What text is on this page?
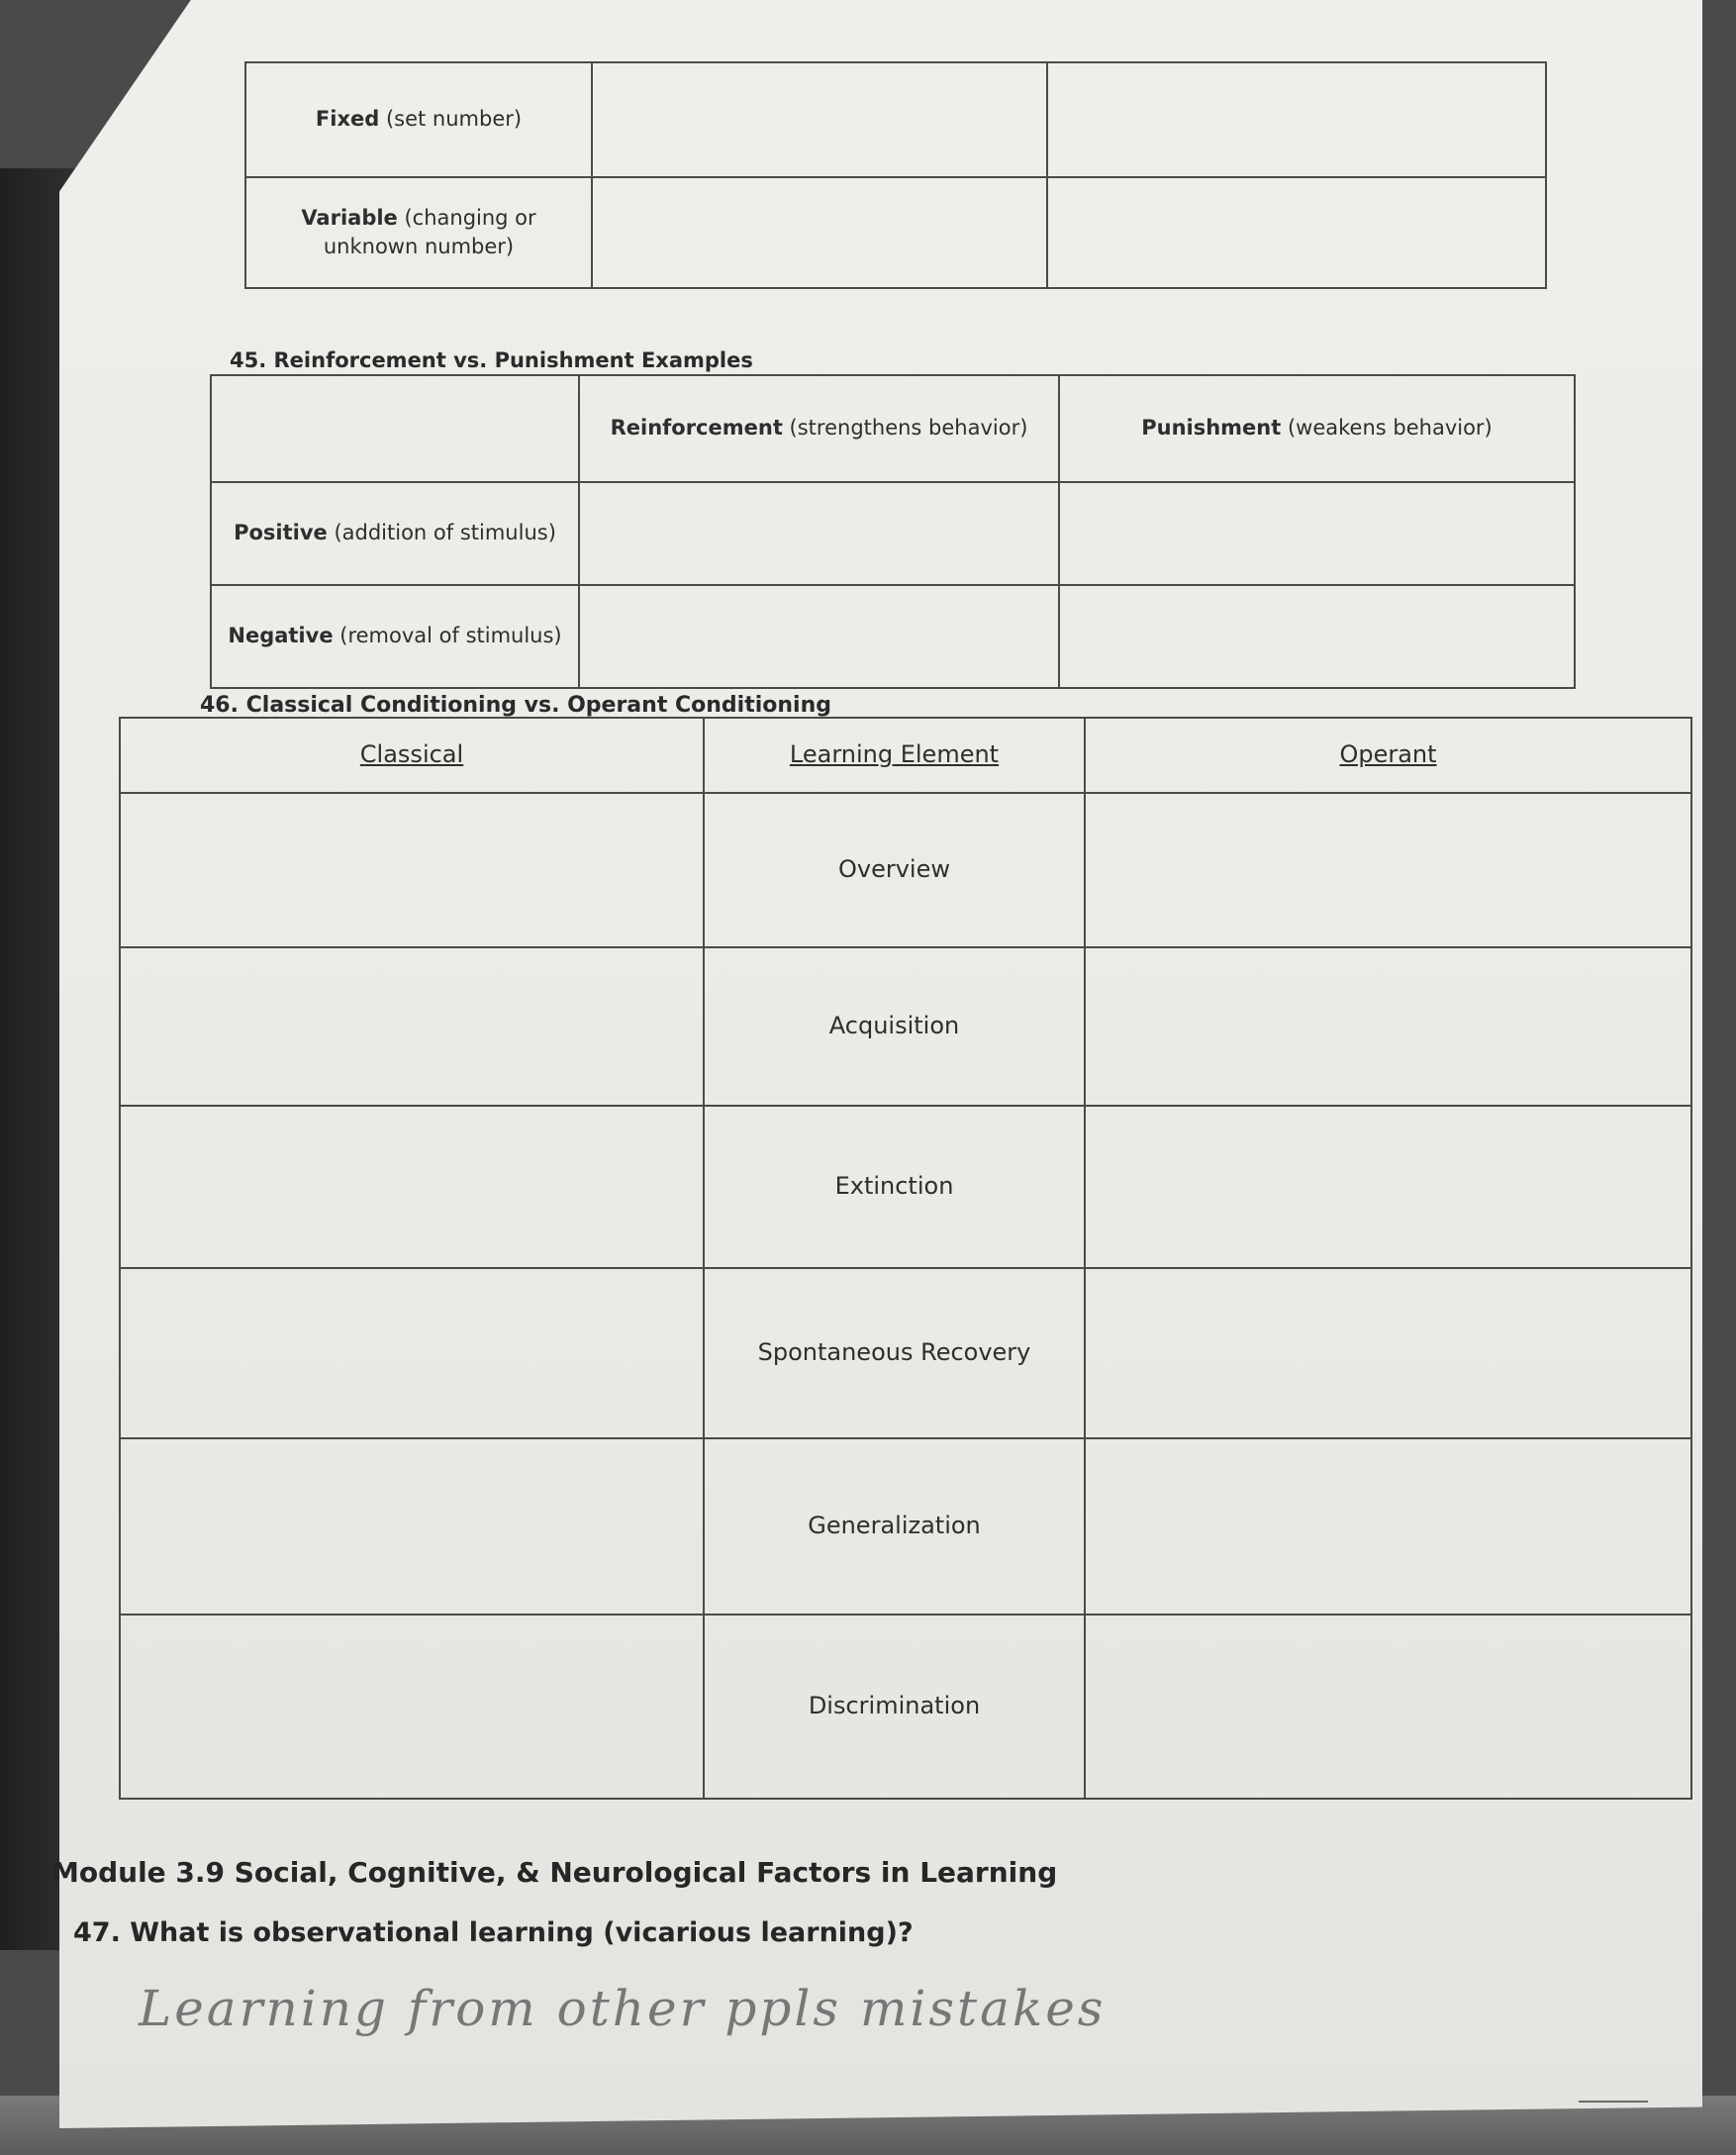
Fixed (set number)		
Variable (changing or unknown number)		
45. Reinforcement vs. Punishment Examples
	Reinforcement (strengthens behavior)	Punishment (weakens behavior)
Positive (addition of stimulus)		
Negative (removal of stimulus)		
46. Classical Conditioning vs. Operant Conditioning
Classical	Learning Element	Operant
	Overview	
	Acquisition	
	Extinction	
	Spontaneous Recovery	
	Generalization	
	Discrimination	
Module 3.9 Social, Cognitive, & Neurological Factors in Learning
47. What is observational learning (vicarious learning)?
Learning from other ppls mistakes
